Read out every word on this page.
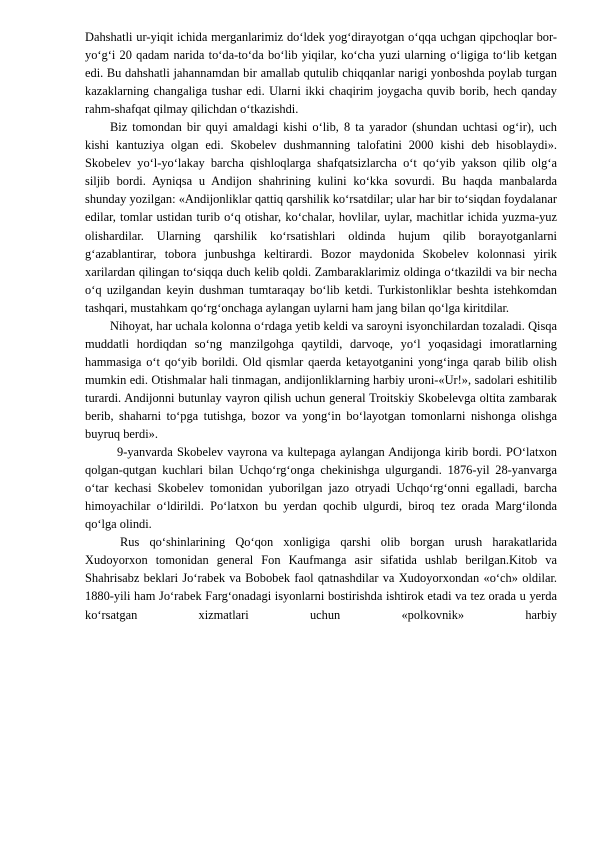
Dahshatli ur-yiqit ichida merganlarimiz do‘ldek yog‘dirayotgan o‘qqa uchgan qipchoqlar bor-yo‘g‘i 20 qadam narida to‘da-to‘da bo‘lib yiqilar, ko‘cha yuzi ularning o‘ligiga to‘lib ketgan edi. Bu dahshatli jahannamdan bir amallab qutulib chiqqanlar narigi yonboshda poylab turgan kazaklarning changaliga tushar edi. Ularni ikki chaqirim joygacha quvib borib, hech qanday rahm-shafqat qilmay qilichdan o‘tkazishdi.

Biz tomondan bir quyi amaldagi kishi o‘lib, 8 ta yarador (shundan uchtasi og‘ir), uch kishi kantuziya olgan edi. Skobelev dushmanning talofatini 2000 kishi deb hisoblaydi». Skobelev yo‘l-yo‘lakay barcha qishloqlarga shafqatsizlarcha o‘t qo‘yib yakson qilib olg‘a siljib bordi. Ayniqsa u Andijon shahrining kulini ko‘kka sovurdi. Bu haqda manbalarda shunday yozilgan: «Andijonliklar qattiq qarshilik ko‘rsatdilar; ular har bir to‘siqdan foydalanar edilar, tomlar ustidan turib o‘q otishar, ko‘chalar, hovlilar, uylar, machitlar ichida yuzma-yuz olishardilar. Ularning qarshilik ko‘rsatishlari oldinda hujum qilib borayotganlarni g‘azablantirar, tobora junbushga keltirardi. Bozor maydonida Skobelev kolonnasi yirik xarilardan qilingan to‘siqqa duch kelib qoldi. Zambaraklarimiz oldinga o‘tkazildi va bir necha o‘q uzilgandan keyin dushman tumtaraqay bo‘lib ketdi. Turkistonliklar beshta istehkomdan tashqari, mustahkam qo‘rg‘onchaga aylangan uylarni ham jang bilan qo‘lga kiritdilar.

Nihoyat, har uchala kolonna o‘rdaga yetib keldi va saroyni isyonchilardan tozaladi. Qisqa muddatli hordiqdan so‘ng manzilgohga qaytildi, darvoqe, yo‘l yoqasidagi imoratlarning hammasiga o‘t qo‘yib borildi. Old qismlar qaerda ketayotganini yong‘inga qarab bilib olish mumkin edi. Otishmalar hali tinmagan, andijonliklarning harbiy uroni-«Ur!», sadolari eshitilib turardi. Andijonni butunlay vayron qilish uchun general Troitskiy Skobelevga oltita zambarak berib, shaharni to‘pga tutishga, bozor va yong‘in bo‘layotgan tomonlarni nishonga olishga buyruq berdi».

9-yanvarda Skobelev vayrona va kultepaga aylangan Andijonga kirib bordi. PO‘latxon qolgan-qutgan kuchlari bilan Uchqo‘rg‘onga chekinishga ulgurgandi. 1876-yil 28-yanvarga o‘tar kechasi Skobelev tomonidan yuborilgan jazo otryadi Uchqo‘rg‘onni egalladi, barcha himoyachilar o‘ldirildi. Po‘latxon bu yerdan qochib ulgurdi, biroq tez orada Marg‘ilonda qo‘lga olindi.

Rus qo‘shinlarining Qo‘qon xonligiga qarshi olib borgan urush harakatlarida Xudoyorxon tomonidan general Fon Kaufmanga asir sifatida ushlab berilgan.Kitob va Shahrisabz beklari Jo‘rabek va Bobobek faol qatnashdilar va Xudoyorxondan «o‘ch» oldilar. 1880-yili ham Jo‘rabek Farg‘onadagi isyonlarni bostirishda ishtirok etadi va tez orada u yerda ko‘rsatgan xizmatlari uchun «polkovnik» harbiy
